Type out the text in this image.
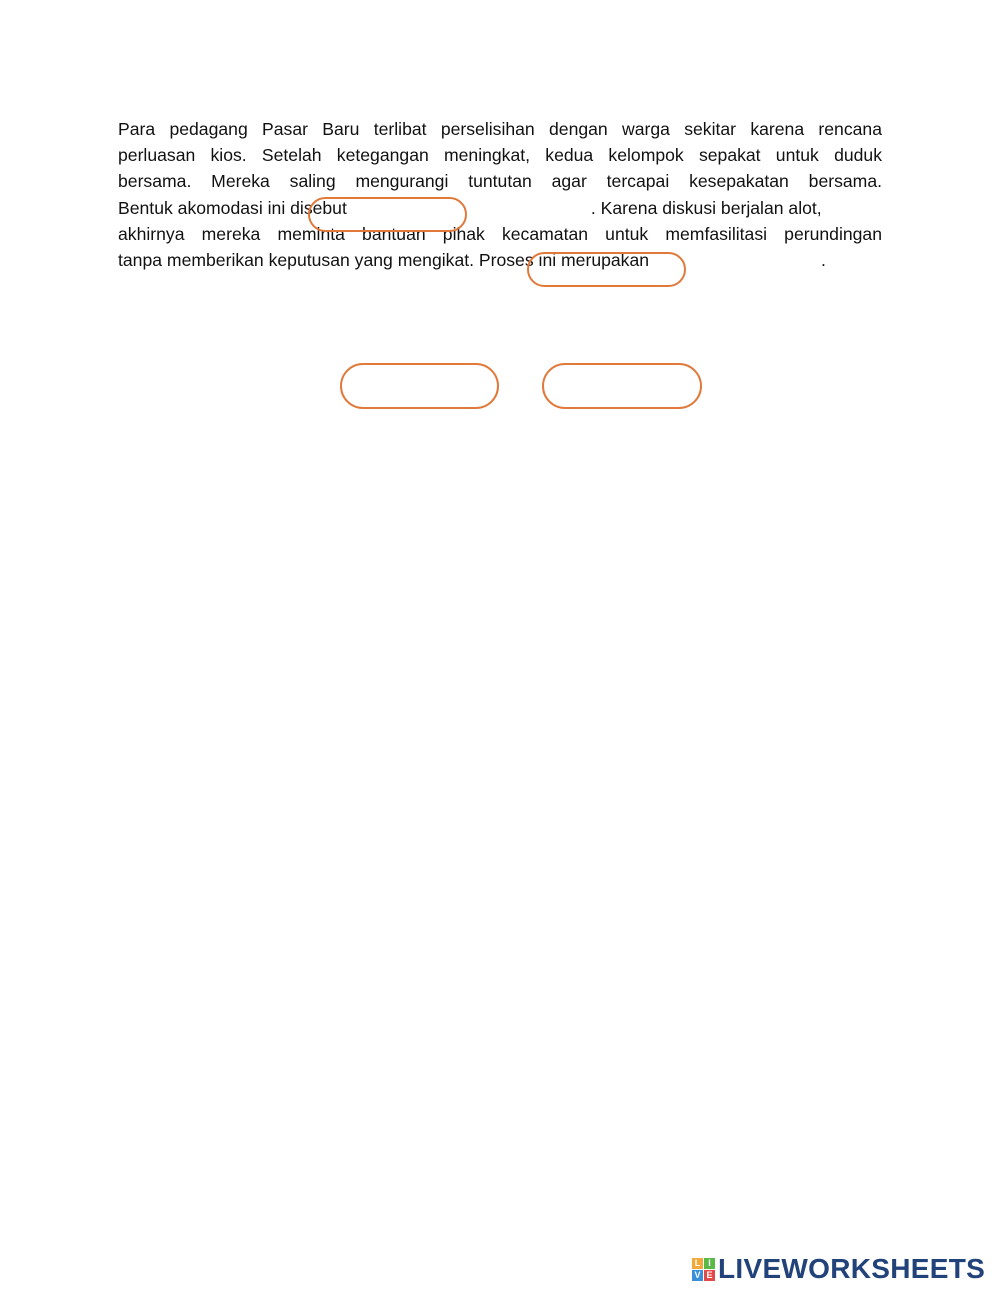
Para pedagang Pasar Baru terlibat perselisihan dengan warga sekitar karena rencana
perluasan kios. Setelah ketegangan meningkat, kedua kelompok sepakat untuk duduk
bersama. Mereka saling mengurangi tuntutan agar tercapai kesepakatan bersama.
Bentuk akomodasi ini disebut	. Karena diskusi berjalan alot,
akhirnya mereka meminta bantuan pihak kecamatan untuk memfasilitasi perundingan
tanpa memberikan keputusan yang mengikat. Proses ini merupakan	.
L I
V E LIVEWORKSHEETS
